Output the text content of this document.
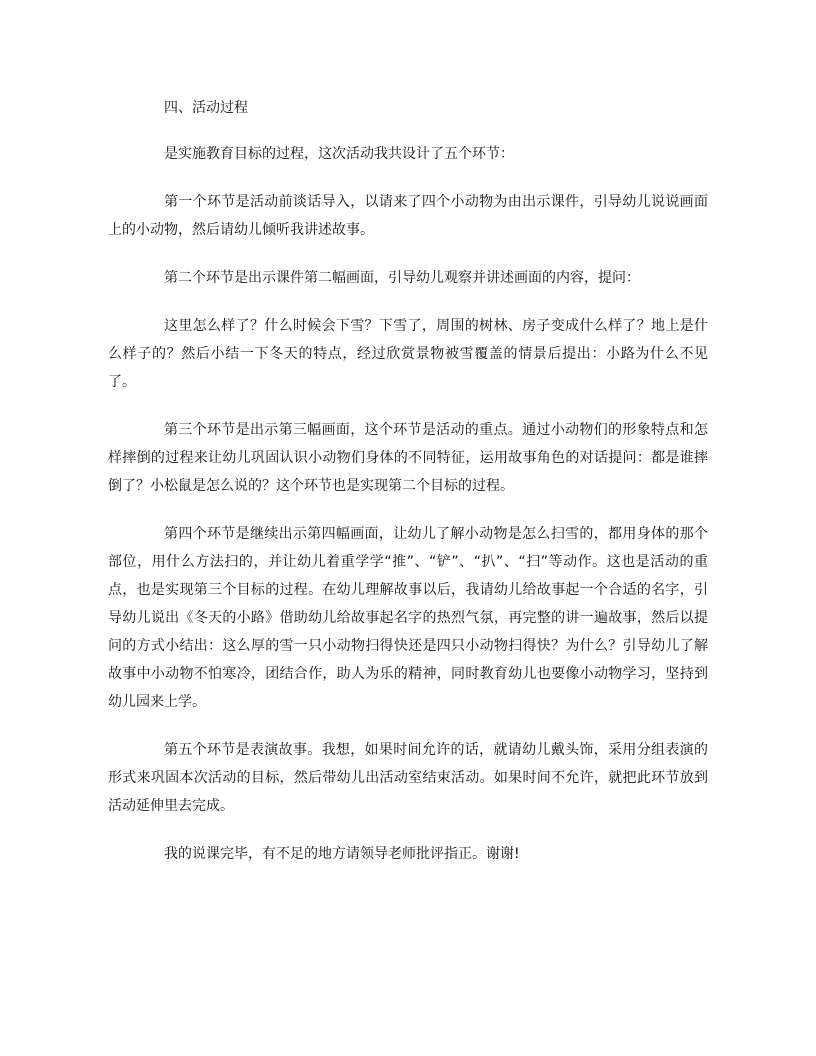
四、活动过程

是实施教育目标的过程，这次活动我共设计了五个环节：

第一个环节是活动前谈话导入，以请来了四个小动物为由出示课件，引导幼儿说说画面上的小动物，然后请幼儿倾听我讲述故事。

第二个环节是出示课件第二幅画面，引导幼儿观察并讲述画面的内容，提问：

这里怎么样了？什么时候会下雪？下雪了，周围的树林、房子变成什么样了？地上是什么样子的？然后小结一下冬天的特点，经过欣赏景物被雪覆盖的情景后提出：小路为什么不见了。

第三个环节是出示第三幅画面，这个环节是活动的重点。通过小动物们的形象特点和怎样摔倒的过程来让幼儿巩固认识小动物们身体的不同特征，运用故事角色的对话提问：都是谁摔倒了？小松鼠是怎么说的？这个环节也是实现第二个目标的过程。

第四个环节是继续出示第四幅画面，让幼儿了解小动物是怎么扫雪的，都用身体的那个部位，用什么方法扫的，并让幼儿着重学学“推”、“铲”、“扒”、“扫”等动作。这也是活动的重点，也是实现第三个目标的过程。在幼儿理解故事以后，我请幼儿给故事起一个合适的名字，引导幼儿说出《冬天的小路》借助幼儿给故事起名字的热烈气氛，再完整的讲一遍故事，然后以提问的方式小结出：这么厚的雪一只小动物扫得快还是四只小动物扫得快？为什么？引导幼儿了解故事中小动物不怕寒冷，团结合作，助人为乐的精神，同时教育幼儿也要像小动物学习，坚持到幼儿园来上学。

第五个环节是表演故事。我想，如果时间允许的话，就请幼儿戴头饰，采用分组表演的形式来巩固本次活动的目标，然后带幼儿出活动室结束活动。如果时间不允许，就把此环节放到活动延伸里去完成。

我的说课完毕，有不足的地方请领导老师批评指正。谢谢!
